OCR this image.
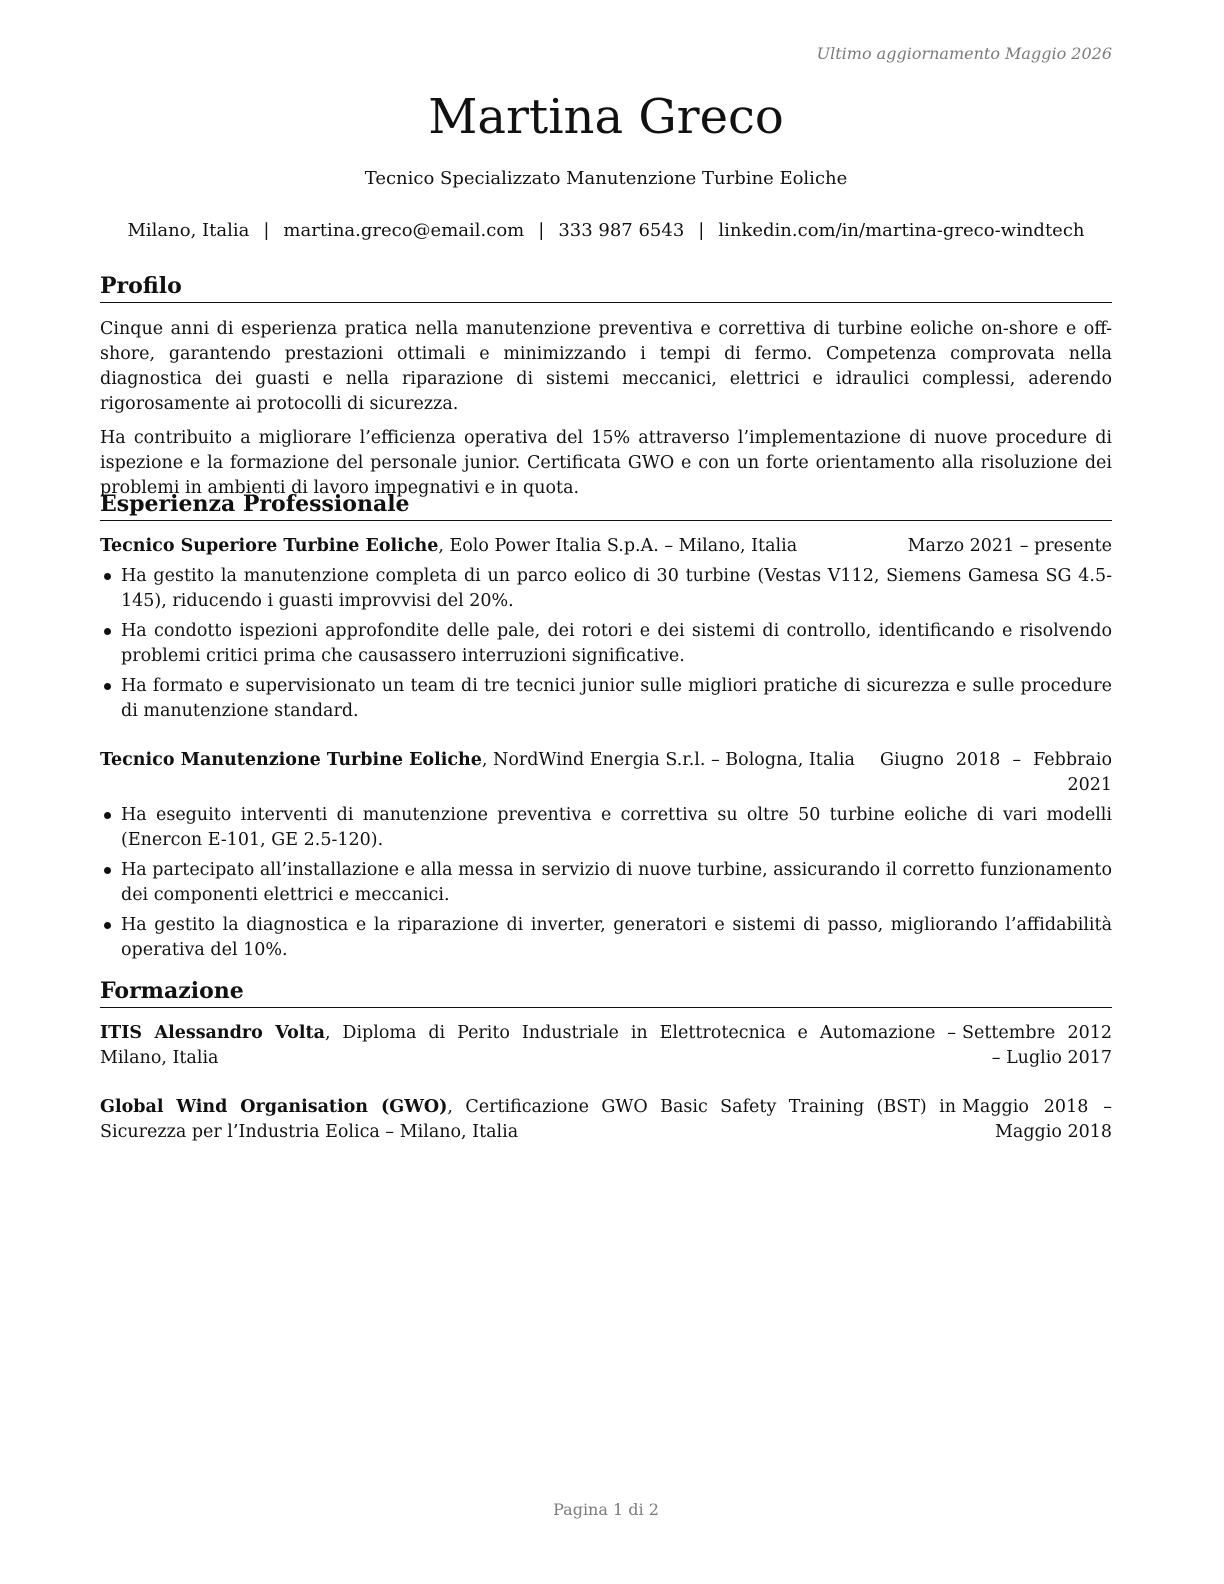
Ultimo aggiornamento Maggio 2026
Martina Greco
Tecnico Specializzato Manutenzione Turbine Eoliche
Milano, Italia | martina.greco@email.com | 333 987 6543 | linkedin.com/in/martina-greco-windtech
Profilo

Cinque anni di esperienza pratica nella manutenzione preventiva e correttiva di turbine eoliche on-shore e off-shore, garantendo prestazioni ottimali e minimizzando i tempi di fermo. Competenza comprovata nella diagnostica dei guasti e nella riparazione di sistemi meccanici, elettrici e idraulici complessi, aderendo rigorosamente ai protocolli di sicurezza.

Ha contribuito a migliorare l’efficienza operativa del 15% attraverso l’implementazione di nuove procedure di ispezione e la formazione del personale junior. Certificata GWO e con un forte orientamento alla risoluzione dei problemi in ambienti di lavoro impegnativi e in quota.

Esperienza Professionale
Tecnico Superiore Turbine Eoliche, Eolo Power Italia S.p.A. – Milano, Italia	Marzo 2021 – presente
Ha gestito la manutenzione completa di un parco eolico di 30 turbine (Vestas V112, Siemens Gamesa SG 4.5-145), riducendo i guasti improvvisi del 20%.
Ha condotto ispezioni approfondite delle pale, dei rotori e dei sistemi di controllo, identificando e risolvendo problemi critici prima che causassero interruzioni significative.
Ha formato e supervisionato un team di tre tecnici junior sulle migliori pratiche di sicurezza e sulle procedure di manutenzione standard.
Tecnico Manutenzione Turbine Eoliche, NordWind Energia S.r.l. – Bologna, Italia	Giugno 2018 – Febbraio 2021
Ha eseguito interventi di manutenzione preventiva e correttiva su oltre 50 turbine eoliche di vari modelli (Enercon E-101, GE 2.5-120).
Ha partecipato all’installazione e alla messa in servizio di nuove turbine, assicurando il corretto funzionamento dei componenti elettrici e meccanici.
Ha gestito la diagnostica e la riparazione di inverter, generatori e sistemi di passo, migliorando l’affidabilità operativa del 10%.
Formazione
ITIS Alessandro Volta, Diploma di Perito Industriale in Elettrotecnica e Automazione – Milano, Italia
Settembre 2012 – Luglio 2017
Global Wind Organisation (GWO), Certificazione GWO Basic Safety Training (BST) in Sicurezza per l’Industria Eolica – Milano, Italia
Maggio 2018 – Maggio 2018
Pagina 1 di 2
